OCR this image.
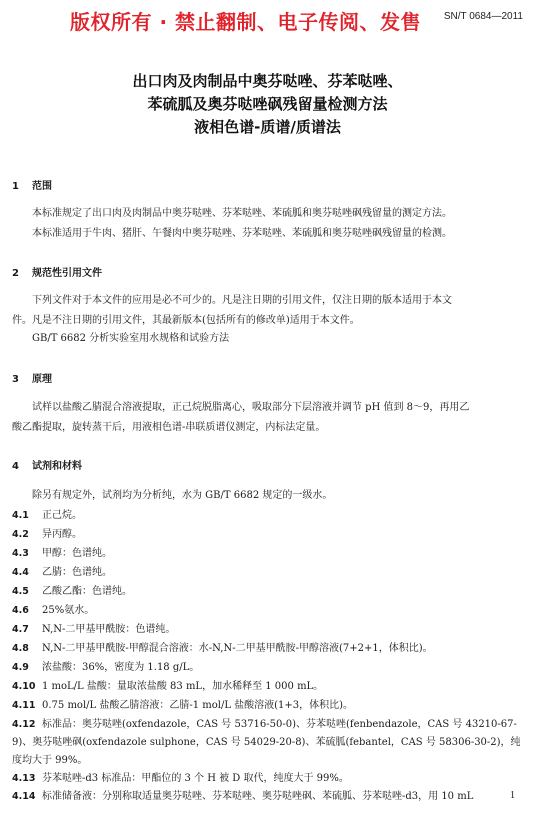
版权所有 · 禁止翻制、电子传阅、发售 SN/T 0684—2011
出口肉及肉制品中奥芬哒唑、芬苯哒唑、
苯硫胍及奥芬哒唑砜残留量检测方法
液相色谱-质谱/质谱法
1 范围
本标准规定了出口肉及肉制品中奥芬哒唑、芬苯哒唑、苯硫胍和奥芬哒唑砜残留量的测定方法。
本标准适用于牛肉、猪肝、午餐肉中奥芬哒唑、芬苯哒唑、苯硫胍和奥芬哒唑砜残留量的检测。
2 规范性引用文件
下列文件对于本文件的应用是必不可少的。凡是注日期的引用文件，仅注日期的版本适用于本文
件。凡是不注日期的引用文件，其最新版本(包括所有的修改单)适用于本文件。
GB/T 6682 分析实验室用水规格和试验方法
3 原理
试样以盐酸乙腈混合溶液提取，正己烷脱脂离心，吸取部分下层溶液并调节 pH 值到 8～9，再用乙
酸乙酯提取，旋转蒸干后，用液相色谱-串联质谱仪测定，内标法定量。
4 试剂和材料
除另有规定外，试剂均为分析纯，水为 GB/T 6682 规定的一级水。
4.1 正己烷。
4.2 异丙醇。
4.3 甲醇：色谱纯。
4.4 乙腈：色谱纯。
4.5 乙酸乙酯：色谱纯。
4.6 25%氨水。
4.7 N,N-二甲基甲酰胺：色谱纯。
4.8 N,N-二甲基甲酰胺-甲醇混合溶液：水-N,N-二甲基甲酰胺-甲醇溶液(7+2+1，体积比)。
4.9 浓盐酸：36%，密度为 1.18 g/L。
4.10 1 moL/L 盐酸：量取浓盐酸 83 mL，加水稀释至 1 000 mL。
4.11 0.75 mol/L 盐酸乙腈溶液：乙腈-1 mol/L 盐酸溶液(1+3，体积比)。
4.12 标准品：奥芬哒唑(oxfendazole，CAS 号 53716-50-0)、芬苯哒唑(fenbendazole，CAS 号 43210-67-
9)、奥芬哒唑砜(oxfendazole sulphone，CAS 号 54029-20-8)、苯硫胍(febantel，CAS 号 58306-30-2)，纯
度均大于 99%。
4.13 芬苯哒唑-d3 标准品：甲酯位的 3 个 H 被 D 取代，纯度大于 99%。
4.14 标准储备液：分别称取适量奥芬哒唑、芬苯哒唑、奥芬哒唑砜、苯硫胍、芬苯哒唑-d3，用 10 mL	1
